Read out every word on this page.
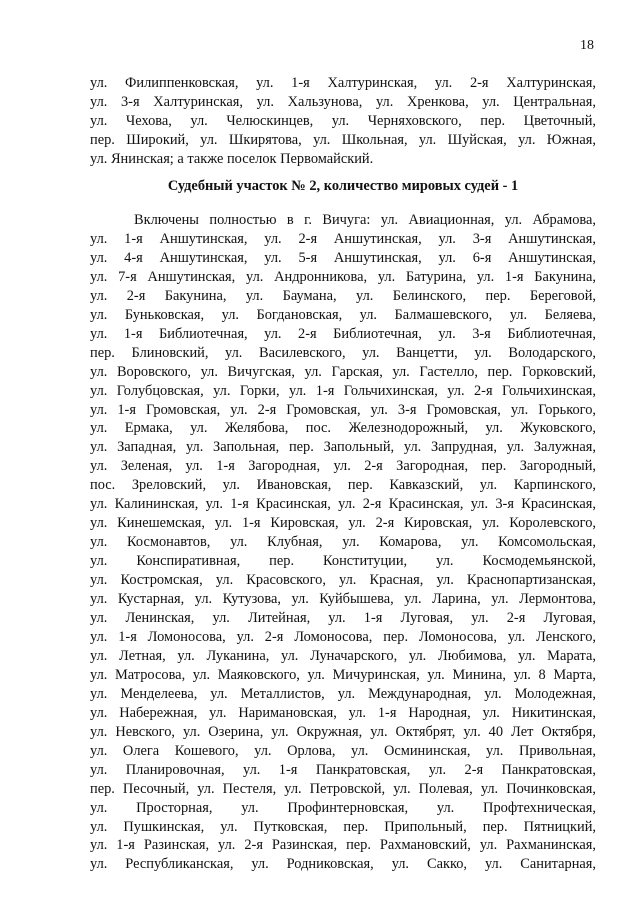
18
ул. Филиппенковская, ул. 1-я Халтуринская, ул. 2-я Халтуринская,
ул. 3-я Халтуринская, ул. Хальзунова, ул. Хренкова, ул. Центральная,
ул. Чехова, ул. Челюскинцев, ул. Черняховского, пер. Цветочный,
пер. Широкий, ул. Шкирятова, ул. Школьная, ул. Шуйская, ул. Южная,
ул. Янинская; а также поселок Первомайский.
Судебный участок № 2, количество мировых судей - 1
Включены полностью в г. Вичуга: ул. Авиационная, ул. Абрамова,
ул. 1-я Аншутинская, ул. 2-я Аншутинская, ул. 3-я Аншутинская,
ул. 4-я Аншутинская, ул. 5-я Аншутинская, ул. 6-я Аншутинская,
ул. 7-я Аншутинская, ул. Андронникова, ул. Батурина, ул. 1-я Бакунина,
ул. 2-я Бакунина, ул. Баумана, ул. Белинского, пер. Береговой,
ул. Буньковская, ул. Богдановская, ул. Балмашевского, ул. Беляева,
ул. 1-я Библиотечная, ул. 2-я Библиотечная, ул. 3-я Библиотечная,
пер. Блиновский, ул. Василевского, ул. Ванцетти, ул. Володарского,
ул. Воровского, ул. Вичугская, ул. Гарская, ул. Гастелло, пер. Горковский,
ул. Голубцовская, ул. Горки, ул. 1-я Гольчихинская, ул. 2-я Гольчихинская,
ул. 1-я Громовская, ул. 2-я Громовская, ул. 3-я Громовская, ул. Горького,
ул. Ермака, ул. Желябова, пос. Железнодорожный, ул. Жуковского,
ул. Западная, ул. Запольная, пер. Запольный, ул. Запрудная, ул. Залужная,
ул. Зеленая, ул. 1-я Загородная, ул. 2-я Загородная, пер. Загородный,
пос. Зреловский, ул. Ивановская, пер. Кавказский, ул. Карпинского,
ул. Калининская, ул. 1-я Красинская, ул. 2-я Красинская, ул. 3-я Красинская,
ул. Кинешемская, ул. 1-я Кировская, ул. 2-я Кировская, ул. Королевского,
ул. Космонавтов, ул. Клубная, ул. Комарова, ул. Комсомольская,
ул. Конспиративная, пер. Конституции, ул. Космодемьянской,
ул. Костромская, ул. Красовского, ул. Красная, ул. Краснопартизанская,
ул. Кустарная, ул. Кутузова, ул. Куйбышева, ул. Ларина, ул. Лермонтова,
ул. Ленинская, ул. Литейная, ул. 1-я Луговая, ул. 2-я Луговая,
ул. 1-я Ломоносова, ул. 2-я Ломоносова, пер. Ломоносова, ул. Ленского,
ул. Летная, ул. Луканина, ул. Луначарского, ул. Любимова, ул. Марата,
ул. Матросова, ул. Маяковского, ул. Мичуринская, ул. Минина, ул. 8 Марта,
ул. Менделеева, ул. Металлистов, ул. Международная, ул. Молодежная,
ул. Набережная, ул. Наримановская, ул. 1-я Народная, ул. Никитинская,
ул. Невского, ул. Озерина, ул. Окружная, ул. Октябрят, ул. 40 Лет Октября,
ул. Олега Кошевого, ул. Орлова, ул. Осмининская, ул. Привольная,
ул. Планировочная, ул. 1-я Панкратовская, ул. 2-я Панкратовская,
пер. Песочный, ул. Пестеля, ул. Петровской, ул. Полевая, ул. Починковская,
ул. Просторная, ул. Профинтерновская, ул. Профтехническая,
ул. Пушкинская, ул. Путковская, пер. Припольный, пер. Пятницкий,
ул. 1-я Разинская, ул. 2-я Разинская, пер. Рахмановский, ул. Рахманинская,
ул. Республиканская, ул. Родниковская, ул. Сакко, ул. Санитарная,
